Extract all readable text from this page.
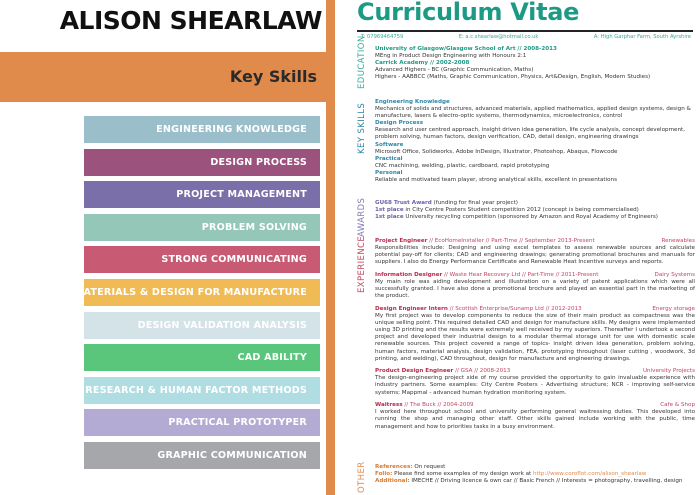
ALISON SHEARLAW
Key Skills
ENGINEERING KNOWLEDGE
DESIGN PROCESS
PROJECT MANAGEMENT
PROBLEM SOLVING
STRONG COMMUNICATING
MATERIALS & DESIGN FOR MANUFACTURE
DESIGN VALIDATION ANALYSIS
CAD ABILITY
RESEARCH & HUMAN FACTOR METHODS
PRACTICAL PROTOTYPER
GRAPHIC COMMUNICATION
Curriculum Vitae
T: 07969464759	E: a.c.shearlaw@hotmail.co.uk	A: High Garphar Farm, South Ayrshire
EDUCATION	University of Glasgow/Glasgow School of Art // 2008-2013
MEng in Product Design Engineering with Honours 2:1
Carrick Academy // 2002-2008
Advanced Highers - BC (Graphic Communication, Maths)
Highers - AABBCC (Maths, Graphic Communication, Physics, Art&Design, English, Modern Studies)
KEY SKILLS
Engineering Knowledge
Mechanics of solids and structures, advanced materials, applied mathematics, applied design systems, design & manufacture, lasers & electro-optic systems, thermodynamics, microelectronics, control
Design Process
Research and user centred approach, insight driven idea generation, life cycle analysis, concept development, problem solving, human factors, design verification, CAD, detail design, engineering drawings
Software
Microsoft Office, Solidworks, Adobe InDesign, Illustrator, Photoshop, Abaqus, Flowcode
Practical
CNC machining, welding, plastic, cardboard, rapid prototyping
Personal
Reliable and motivated team player, strong analytical skills, excellent in presentations
AWARDS	GU68 Trust Award (funding for final year project)
1st place in City Centre Posters Student competition 2012 (concept is being commercialised)
1st place University recycling competition (sponsored by Amazon and Royal Academy of Engineers)
EXPERIENCE	Project Engineer // EcoHomeInstaller // Part-Time // September 2013-Present	Renewables
Responsibilities include: Designing and using excel templates to assess renewable sources and calculate potential pay-off for clients; CAD and engineering drawings; generating promotional brochures and manuals for suppliers. I also do Energy Performance Certificate and Renewable Heat Incentive surveys and reports.
Information Designer // Waste Hear Recovery Ltd // Part-Time // 2011-Present	Dairy Systems
My main role was aiding development and illustration on a variety of patent applications which were all successfully granted. I have also done a promotional brochure and played an essential part in the marketing of the product.
Design Engineer Intern // Scottish Enterprise/Sunamp Ltd // 2012-2013	Energy storage
My first project was to develop components to reduce the size of their main product as compactness was the unique selling point. This required detailed CAD and design for manufacture skills. My designs were implemented using 3D printing and the results were extremely well received by my superiors. Thereafter I undertook a second project and developed their industrial design to a modular thermal storage unit for use with domestic scale renewable sources. This project covered a range of topics- insight driven idea generation, problem solving, human factors, material analysis, design validation, FEA, prototyping throughout (laser cutting , woodwork, 3d printing, and welding), CAD throughout, design for manufacture and engineering drawings.
Product Design Engineer // GSA // 2008-2013	University Projects
The design-engineering project side of my course provided the opportunity to gain invaluable experience with industry partners. Some examples: City Centre Posters - Advertising structure; NCR - improving self-service systems; Mappmal - advanced human hydration monitoring system.
Waitress // The Buck // 2004-2009	Cafe & Shop
I worked here throughout school and university performing general waitressing duties. This developed into running the shop and managing other staff. Other skills gained include working with the public, time management and how to priorities tasks in a busy environment.
OTHER	References: On request
Folio: Please find some examples of my design work at http://www.coroflot.com/alison_shearlaw
Additional: IMECHE // Driving licence & own car // Basic French // Interests = photography, travelling, design
